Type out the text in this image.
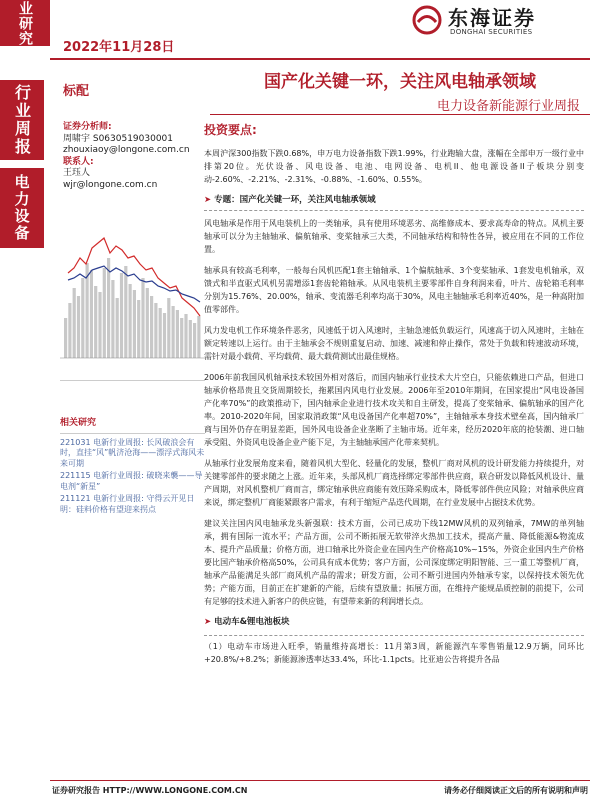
业研究
2022年11月28日
东海证券
DONGHAI SECURITIES
行业周报
电力设备
标配	国产化关键一环，关注风电轴承领域
电力设备新能源行业周报
证券分析师:
周啸宇 S0630519030001
zhouxiaoy@longone.com.cn
联系人:
王珏人
wjr@longone.com.cn
相关研究

221031 电新行业周报: 长风破浪会有时，直挂“风”帆济沧海——漂浮式海风未来可期

221115 电新行业周报: 破晓来襲——导电剂“新星”

211121 电新行业周报: 守得云开见日明：硅料价格有望迎来拐点

投资要点:
本周沪深300指数下跌0.68%，申万电力设备指数下跌1.99%，行业跑输大盘，涨幅在全部申万一级行业中排第20位。光伏设备、风电设备、电池、电网设备、电机II、他电源设备II子板块分别变动-2.60%、-2.21%、-2.31%、-0.88%、-1.60%、0.55%。
➤ 专题：国产化关键一环，关注风电轴承领域
风电轴承是作用于风电装机上的一类轴承，具有使用环境恶劣、高维修成本、要求高寿命的特点。风机主要轴承可以分为主轴轴承、偏航轴承、变桨轴承三大类，不同轴承结构和特性各异，被应用在不同的工作位置。
轴承具有较高毛利率，一般每台风机匹配1套主轴轴承、1个偏航轴承、3个变桨轴承、1套发电机轴承，双馈式和半直驱式风机另需增添1套齿轮箱轴承。从风电装机主要零部件自身利润来看，叶片、齿轮箱毛利率分别为15.76%、20.00%，轴承、变流器毛利率均高于30%，风电主轴轴承毛利率近40%，是一种高附加值零部件。
风力发电机工作环境条件恶劣，风速低于切入风速时，主轴急速低负载运行，风速高于切入风速时，主轴在额定转速以上运行。由于主轴承会不规则重复启动、加速、减速和停止操作，常处于负载和转速波动环境，需针对最小载荷、平均载荷、最大载荷测试出最佳规格。
2006年前我国风机轴承技术较国外相对落后，而国内轴承行业技术大片空白，只能依赖进口产品，但进口轴承价格昂贵且交货周期较长，拖累国内风电行业发展。2006年至2010年期间，在国家提出“风电设备国产化率70%”的政策推动下，国内轴承企业进行技术攻关和自主研发，提高了变桨轴承、偏航轴承的国产化率。2010-2020年间，国家取消政策“风电设备国产化率超70%”，主轴轴承本身技术壁垒高，国内轴承厂商与国外仍存在明显差距，国外风电设备企业垄断了主轴市场。近年来，经历2020年底的抢装潮、进口轴承受阻、外资风电设备企业产能下足，为主轴轴承国产化带来契机。
从轴承行业发展角度来看，随着风机大型化、轻量化的发展，整机厂商对风机的设计研发能力持续提升，对关键零部件的要求随之上涨。近年来，头部风机厂商选择绑定零部件供应商，联合研发以降低风机设计、量产周期，对风机整机厂商而言，绑定轴承供应商能有效压降采购成本，降低零部件供应风险；对轴承供应商来说，绑定整机厂商能紧跟客户需求，有利于缩短产品迭代周期，在行业发展中占据技术优势。
建议关注国内风电轴承龙头新强联：技术方面，公司已成功下线12MW风机的双列轴承，7MW的单列轴承，拥有国际一流水平；产品方面，公司不断拓展无软带淬火热加工技术，提高产量、降低能源&物流成本、提升产品质量；价格方面，进口轴承比外资企业在国内生产价格高10%~15%，外资企业国内生产价格要比国产轴承价格高50%，公司具有成本优势；客户方面，公司深度绑定明阳智能、三一重工等整机厂商，轴承产品能满足头部厂商风机产品的需求；研发方面，公司不断引进国内外轴承专家，以保持技术领先优势；产能方面，目前正在扩建新的产能，后续有望放量；拓展方面，在维持产能规品质控制的前提下，公司有足够的技术进入新客户的供应链，有望带来新的利润增长点。
➤ 电动车&锂电池板块
（1）电动车市场进入旺季，销量维持高增长：11月第3周，新能源汽车零售销量12.9万辆，同环比+20.8%/+8.2%；新能源渗透率达33.4%，环比-1.1pcts。比亚迪公告将提升各品
证券研究报告 HTTP://WWW.LONGONE.COM.CN	请务必仔细阅读正文后的所有说明和声明
